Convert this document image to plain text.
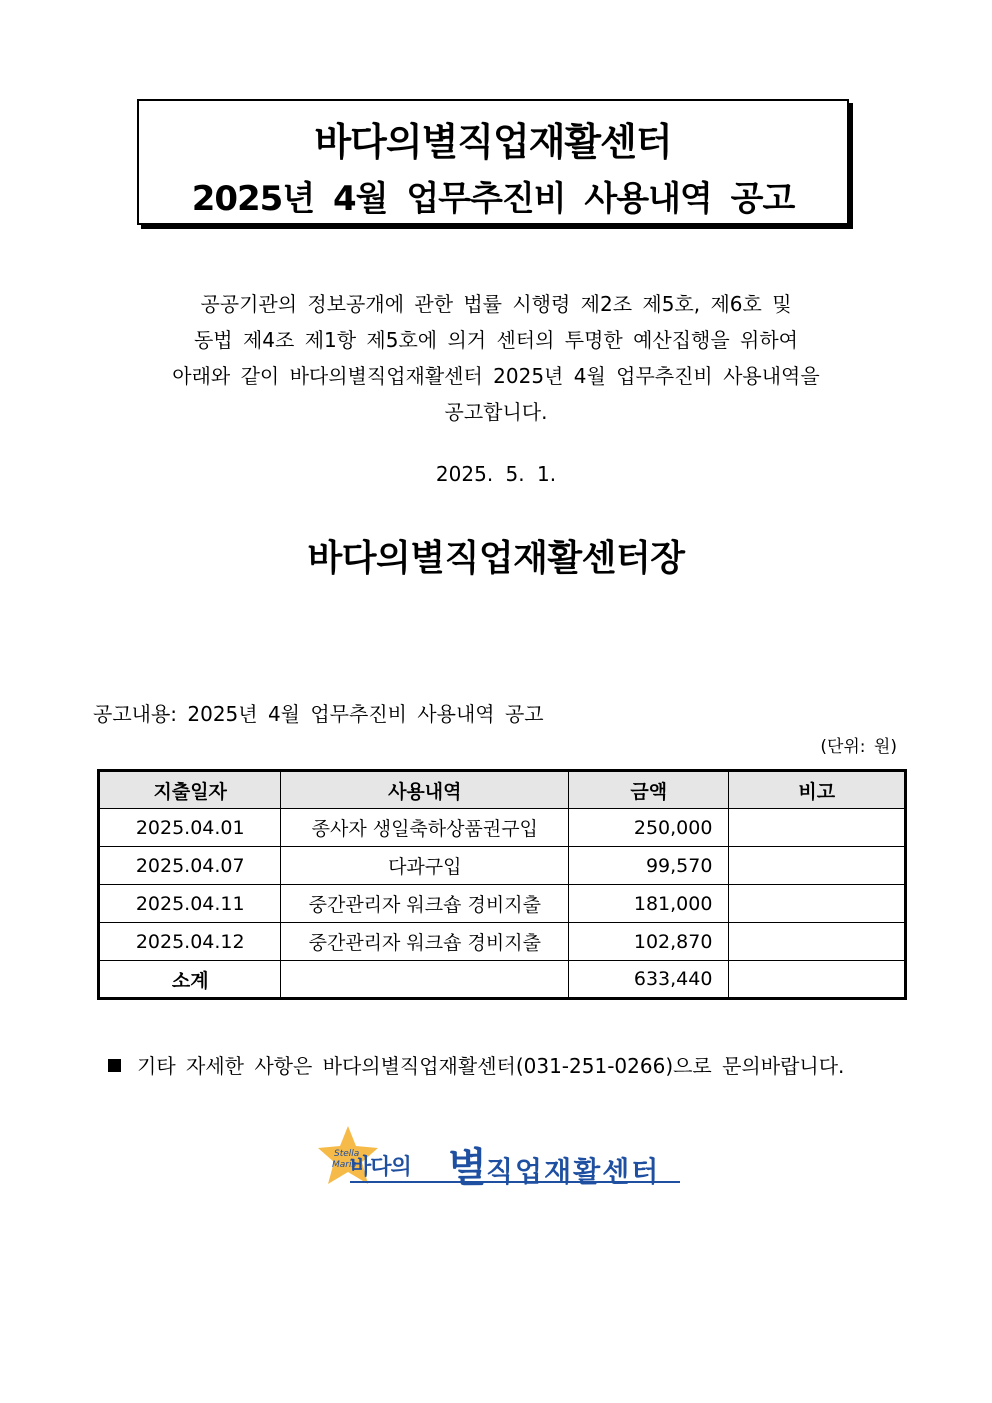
바다의별직업재활센터
2025년 4월 업무추진비 사용내역 공고
공공기관의 정보공개에 관한 법률 시행령 제2조 제5호, 제6호 및
동법 제4조 제1항 제5호에 의거 센터의 투명한 예산집행을 위하여
아래와 같이 바다의별직업재활센터 2025년 4월 업무추진비 사용내역을
공고합니다.
2025. 5. 1.
바다의별직업재활센터장
공고내용: 2025년 4월 업무추진비 사용내역 공고
(단위: 원)
지출일자	사용내역	금액	비고
2025.04.01	종사자 생일축하상품권구입	250,000	
2025.04.07	다과구입	99,570	
2025.04.11	중간관리자 워크숍 경비지출	181,000	
2025.04.12	중간관리자 워크숍 경비지출	102,870	
소계		633,440	
기타 자세한 사항은 바다의별직업재활센터(031-251-0266)으로 문의바랍니다.
Stella
Maris
바다의 별 직업재활센터
